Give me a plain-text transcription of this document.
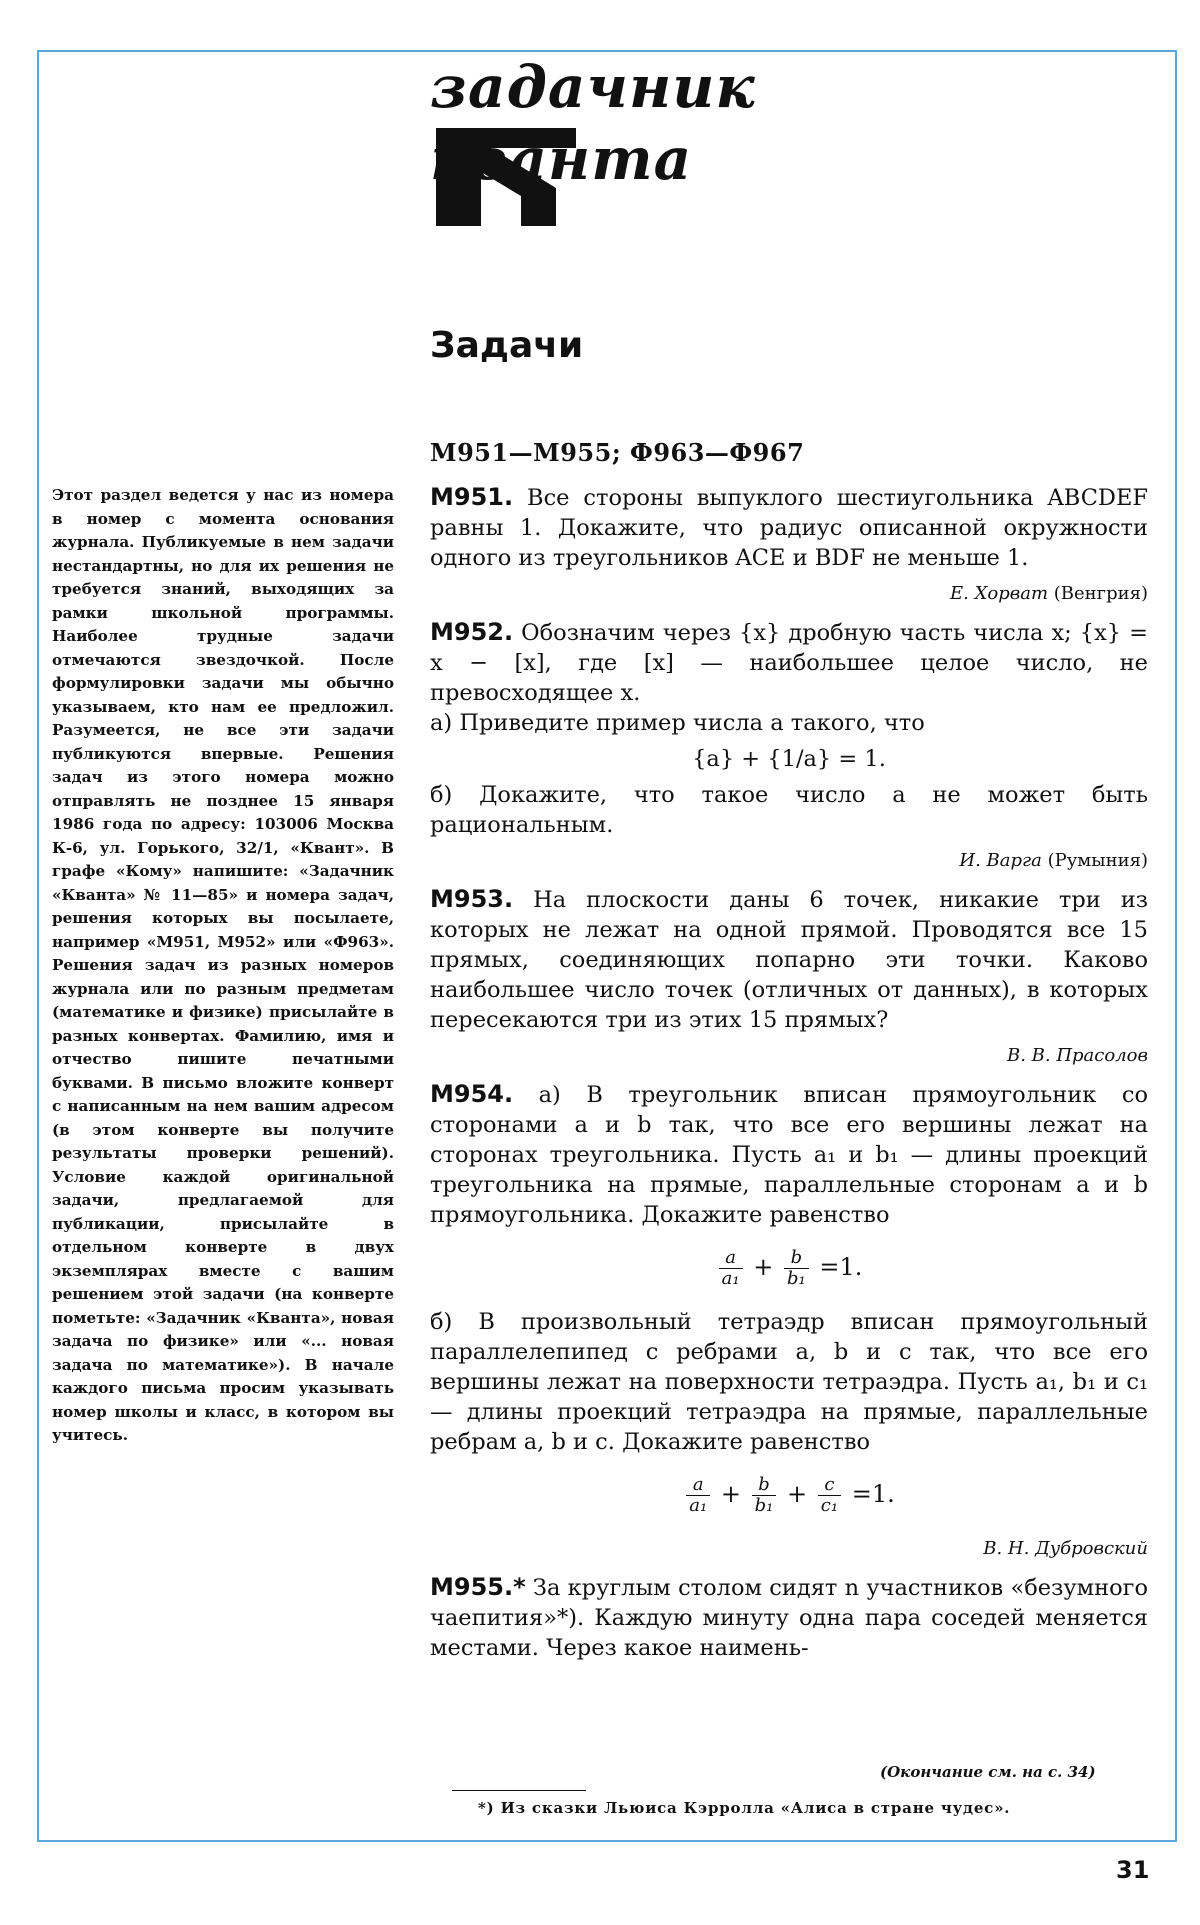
задачник
кванта
Задачи
М951—М955; Ф963—Ф967
Этот раздел ведется у нас из номера в номер с момента основания журнала. Публикуемые в нем задачи нестандартны, но для их решения не требуется знаний, выходящих за рамки школьной программы. Наиболее трудные задачи отмечаются звездочкой. После формулировки задачи мы обычно указываем, кто нам ее предложил. Разумеется, не все эти задачи публикуются впервые. Решения задач из этого номера можно отправлять не позднее 15 января 1986 года по адресу: 103006 Москва К-6, ул. Горького, 32/1, «Квант». В графе «Кому» напишите: «Задачник «Кванта» № 11—85» и номера задач, решения которых вы посылаете, например «М951, М952» или «Ф963». Решения задач из разных номеров журнала или по разным предметам (математике и физике) присылайте в разных конвертах. Фамилию, имя и отчество пишите печатными буквами. В письмо вложите конверт с написанным на нем вашим адресом (в этом конверте вы получите результаты проверки решений). Условие каждой оригинальной задачи, предлагаемой для публикации, присылайте в отдельном конверте в двух экземплярах вместе с вашим решением этой задачи (на конверте пометьте: «Задачник «Кванта», новая задача по физике» или «... новая задача по математике»). В начале каждого письма просим указывать номер школы и класс, в котором вы учитесь.
М951. Все стороны выпуклого шестиугольника ABCDEF равны 1. Докажите, что радиус описанной окружности одного из треугольников ACE и BDF не меньше 1.
Е. Хорват (Венгрия)
М952. Обозначим через {x} дробную часть числа x; {x} = x − [x], где [x] — наибольшее целое число, не превосходящее x.
а) Приведите пример числа a такого, что
{a} + {1/a} = 1.
б) Докажите, что такое число a не может быть рациональным.
И. Варга (Румыния)
М953. На плоскости даны 6 точек, никакие три из которых не лежат на одной прямой. Проводятся все 15 прямых, соединяющих попарно эти точки. Каково наибольшее число точек (отличных от данных), в которых пересекаются три из этих 15 прямых?
В. В. Прасолов
М954. а) В треугольник вписан прямоугольник со сторонами a и b так, что все его вершины лежат на сторонах треугольника. Пусть a₁ и b₁ — длины проекций треугольника на прямые, параллельные сторонам a и b прямоугольника. Докажите равенство
$\frac{a}{\text{a₁}} + \frac{b}{\text{b₁}} =1$.
б) В произвольный тетраэдр вписан прямоугольный параллелепипед с ребрами a, b и c так, что все его вершины лежат на поверхности тетраэдра. Пусть a₁, b₁ и c₁ — длины проекций тетраэдра на прямые, параллельные ребрам a, b и c. Докажите равенство
$\frac{a}{\text{a₁}} + \frac{b}{\text{b₁}} + \frac{c}{\text{c₁}} =1$.
В. Н. Дубровский
М955.* За круглым столом сидят n участников «безумного чаепития»*). Каждую минуту одна пара соседей меняется местами. Через какое наимень-
(Окончание см. на с. 34)
*) Из сказки Льюиса Кэрролла «Алиса в стране чудес».
31
